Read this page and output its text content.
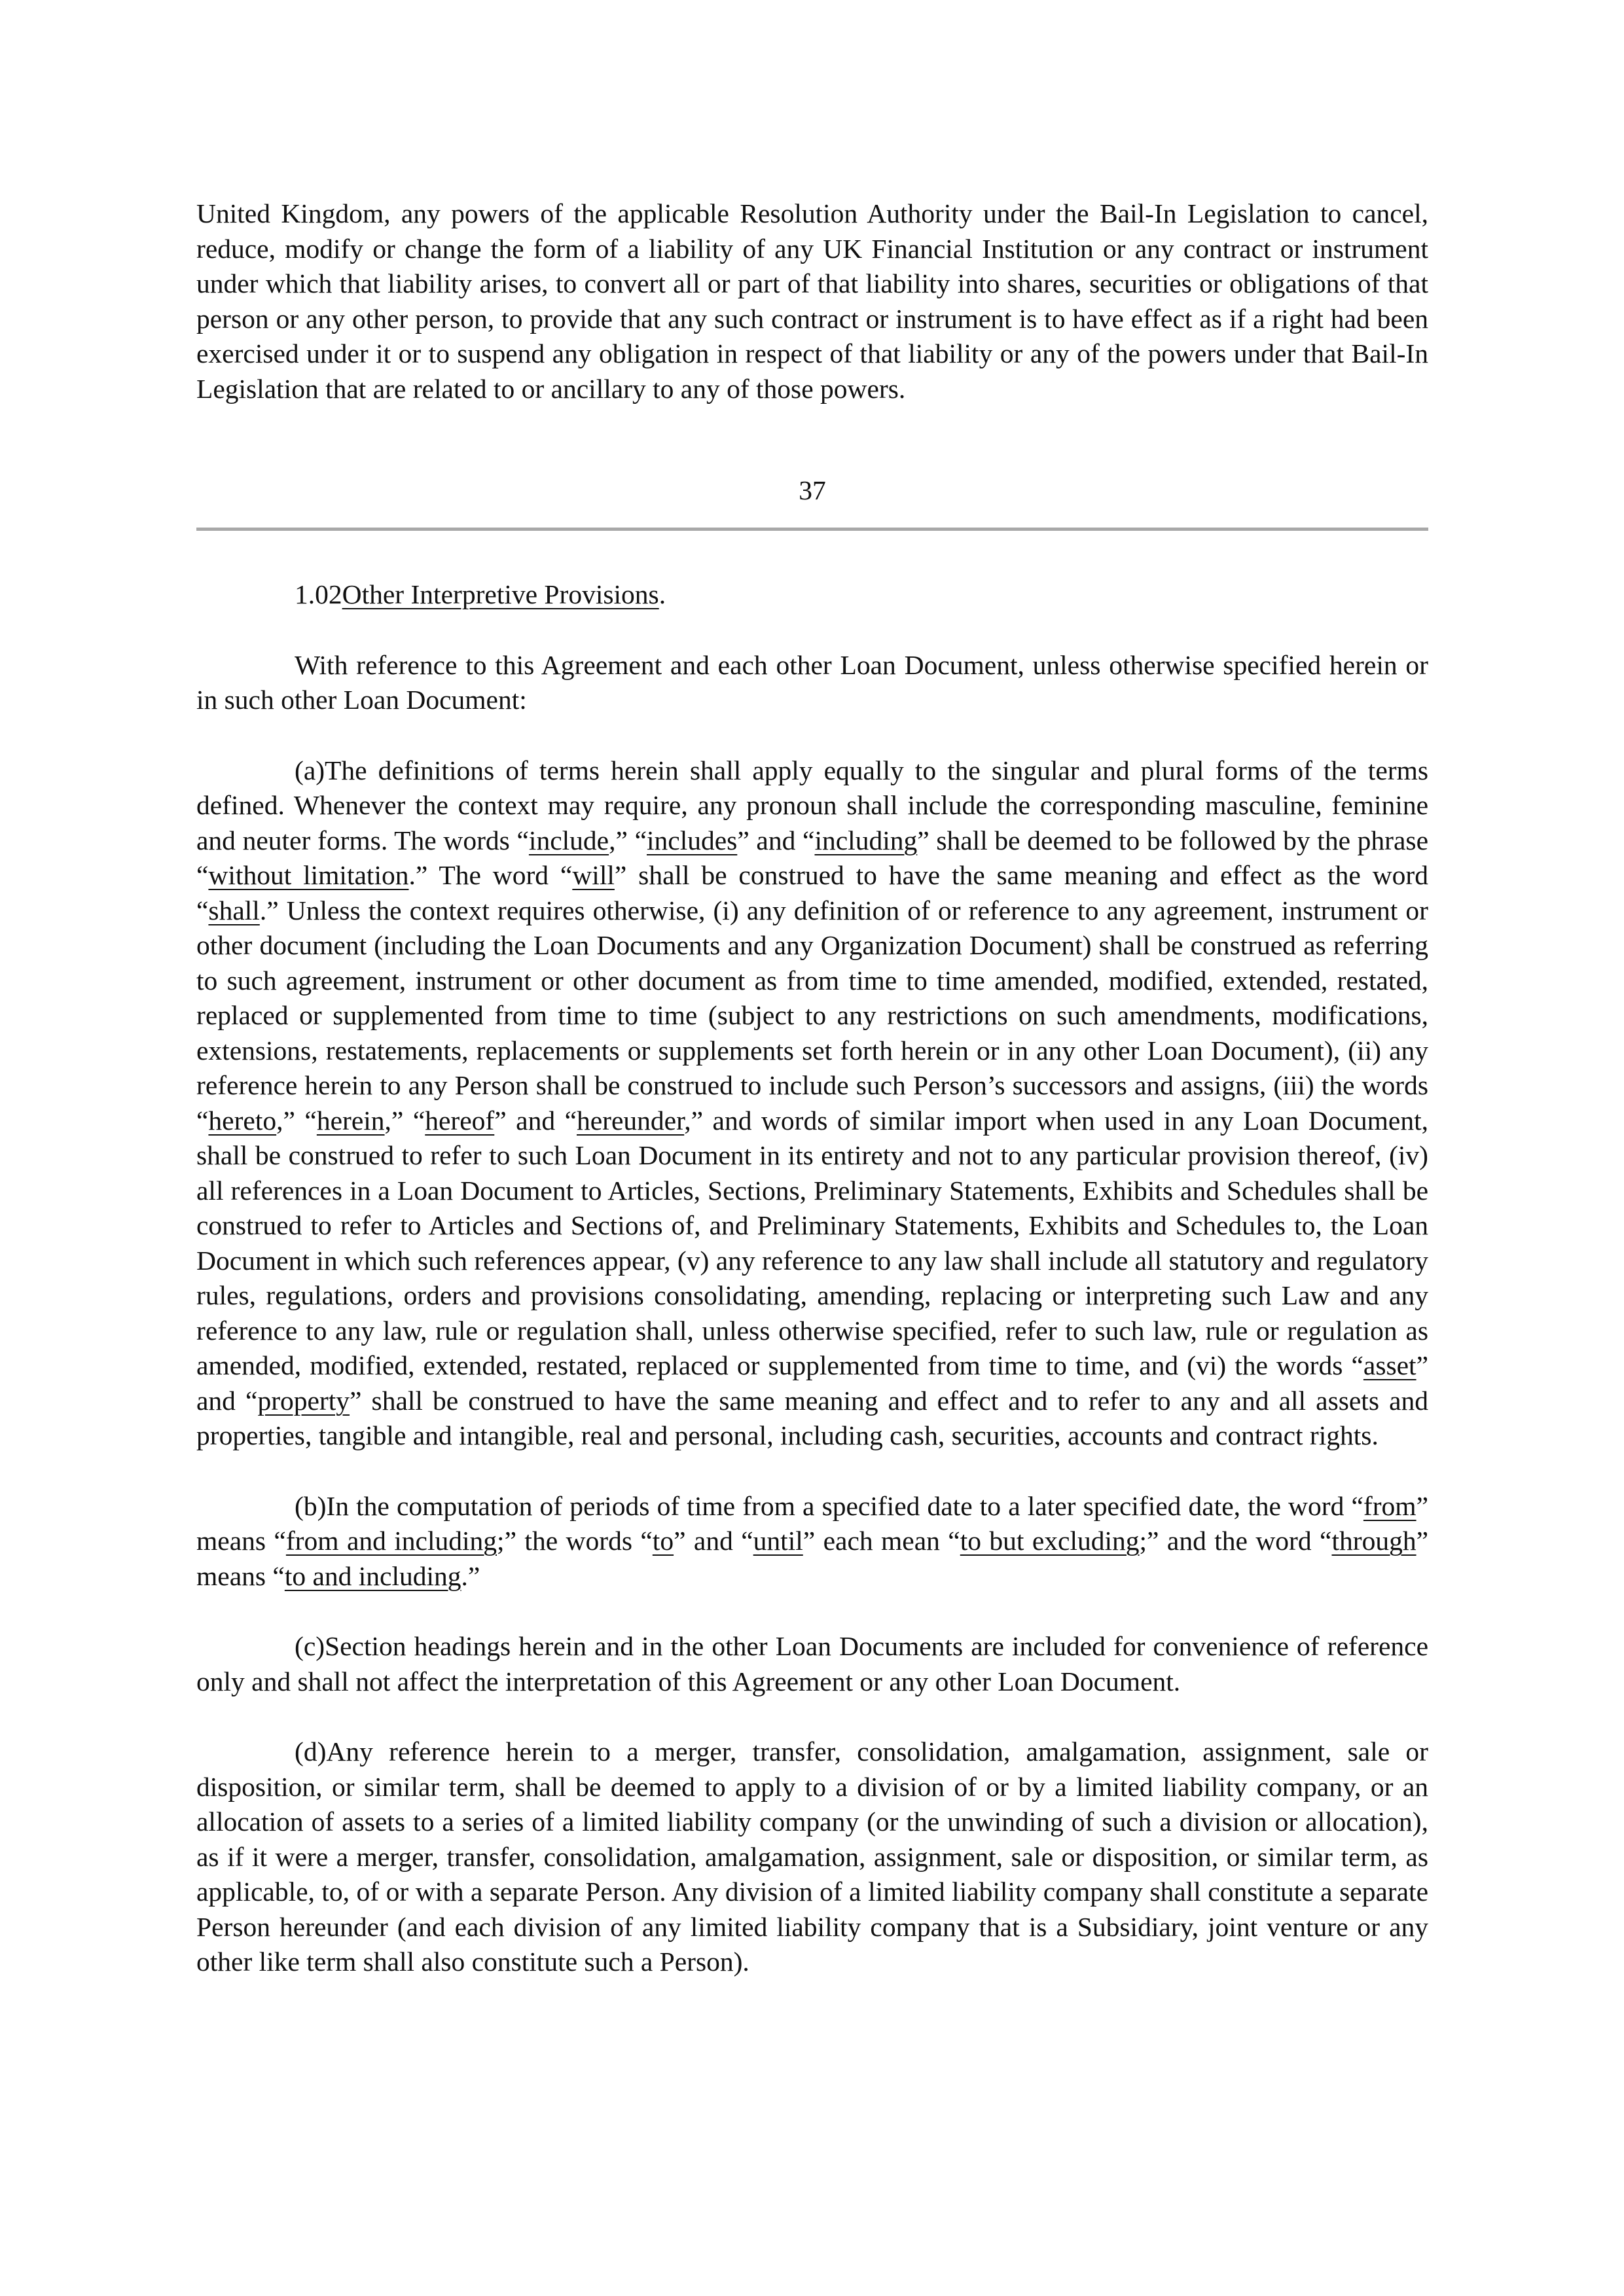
United Kingdom, any powers of the applicable Resolution Authority under the Bail-In Legislation to cancel, reduce, modify or change the form of a liability of any UK Financial Institution or any contract or instrument under which that liability arises, to convert all or part of that liability into shares, securities or obligations of that person or any other person, to provide that any such contract or instrument is to have effect as if a right had been exercised under it or to suspend any obligation in respect of that liability or any of the powers under that Bail-In Legislation that are related to or ancillary to any of those powers.

37

1.02Other Interpretive Provisions.

With reference to this Agreement and each other Loan Document, unless otherwise specified herein or in such other Loan Document:

(a)The definitions of terms herein shall apply equally to the singular and plural forms of the terms defined. Whenever the context may require, any pronoun shall include the corresponding masculine, feminine and neuter forms. The words “include,” “includes” and “including” shall be deemed to be followed by the phrase “without limitation.” The word “will” shall be construed to have the same meaning and effect as the word “shall.” Unless the context requires otherwise, (i) any definition of or reference to any agreement, instrument or other document (including the Loan Documents and any Organization Document) shall be construed as referring to such agreement, instrument or other document as from time to time amended, modified, extended, restated, replaced or supplemented from time to time (subject to any restrictions on such amendments, modifications, extensions, restatements, replacements or supplements set forth herein or in any other Loan Document), (ii) any reference herein to any Person shall be construed to include such Person’s successors and assigns, (iii) the words “hereto,” “herein,” “hereof” and “hereunder,” and words of similar import when used in any Loan Document, shall be construed to refer to such Loan Document in its entirety and not to any particular provision thereof, (iv) all references in a Loan Document to Articles, Sections, Preliminary Statements, Exhibits and Schedules shall be construed to refer to Articles and Sections of, and Preliminary Statements, Exhibits and Schedules to, the Loan Document in which such references appear, (v) any reference to any law shall include all statutory and regulatory rules, regulations, orders and provisions consolidating, amending, replacing or interpreting such Law and any reference to any law, rule or regulation shall, unless otherwise specified, refer to such law, rule or regulation as amended, modified, extended, restated, replaced or supplemented from time to time, and (vi) the words “asset” and “property” shall be construed to have the same meaning and effect and to refer to any and all assets and properties, tangible and intangible, real and personal, including cash, securities, accounts and contract rights.

(b)In the computation of periods of time from a specified date to a later specified date, the word “from” means “from and including;” the words “to” and “until” each mean “to but excluding;” and the word “through” means “to and including.”

(c)Section headings herein and in the other Loan Documents are included for convenience of reference only and shall not affect the interpretation of this Agreement or any other Loan Document.

(d)Any reference herein to a merger, transfer, consolidation, amalgamation, assignment, sale or disposition, or similar term, shall be deemed to apply to a division of or by a limited liability company, or an allocation of assets to a series of a limited liability company (or the unwinding of such a division or allocation), as if it were a merger, transfer, consolidation, amalgamation, assignment, sale or disposition, or similar term, as applicable, to, of or with a separate Person. Any division of a limited liability company shall constitute a separate Person hereunder (and each division of any limited liability company that is a Subsidiary, joint venture or any other like term shall also constitute such a Person).
